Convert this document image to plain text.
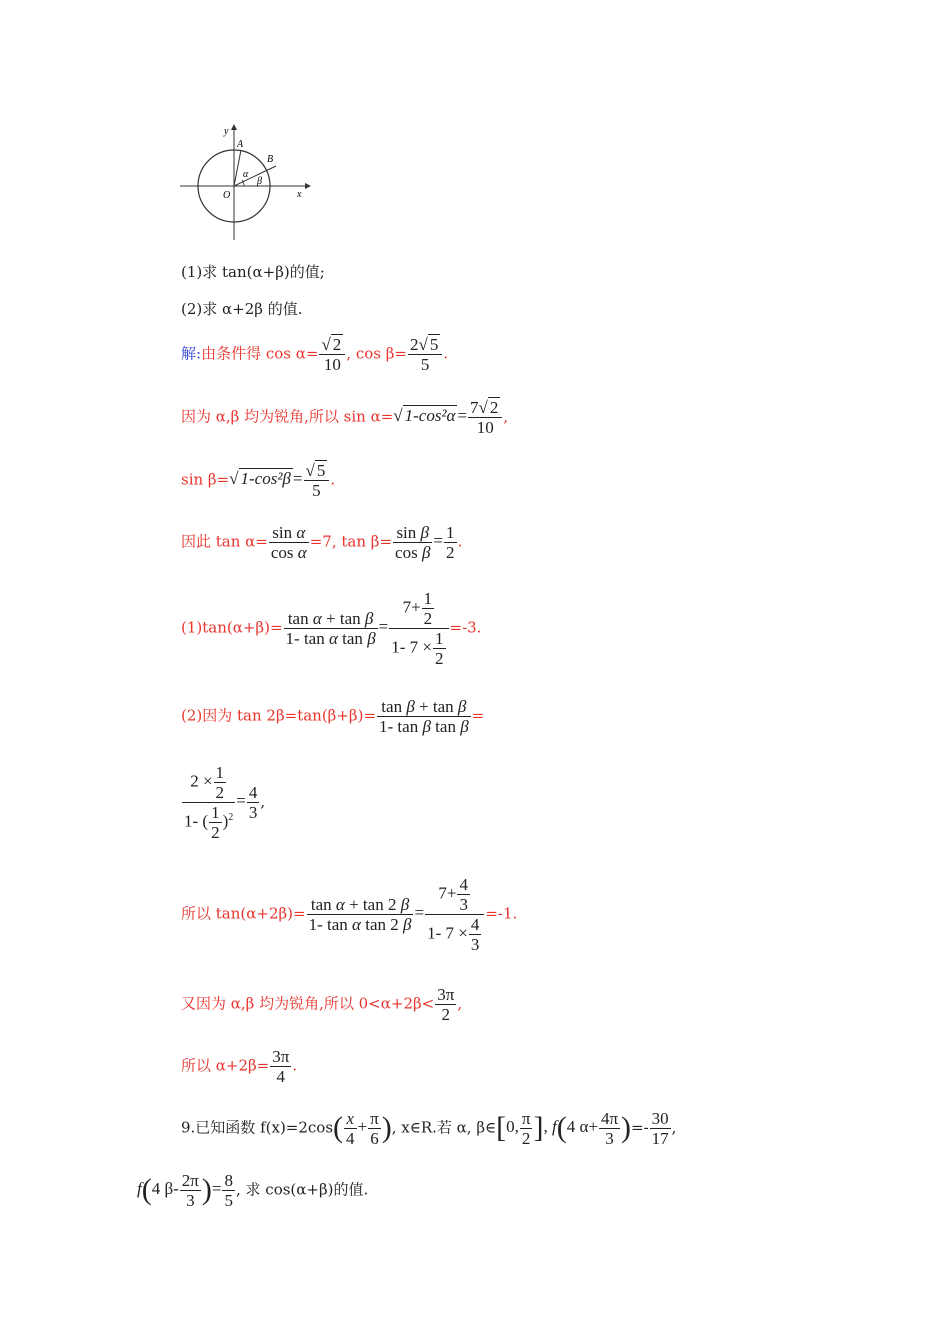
y
x
O
A
B
α
β
(1)求 tan(α+β)的值;
(2)求 α+2β 的值.
解:由条件得 $\cos \alpha= \frac{√ 2}{10}$ , $\cos \beta= \frac{2√ 5}{5}$ .
因为 α,β 均为锐角,所以 sin α=√ $1-\cos^2\alpha = \frac{7√ 2}{10}$ ,
sin β=√ $1-\cos^2\beta = \frac{√ 5}{5}$ .
因此 $\tan \alpha= \frac{\text{sin α}}{\text{cos α}} =7$, $\tan \beta= \frac{\text{sin β}}{\text{cos β}} = \frac{1}{2}$ .
$(1)\tan(\alpha+\beta)= \frac{\text{tan α + tan β}}{\text{1- tan α tan β}} = \frac{7+ \frac{1}{2}}{1- 7 \times \frac{1}{2}} =-3$.
(2)因为 $\tan 2\beta=\tan(\beta+\beta)= \frac{\text{tan β + tan β}}{\text{1- tan β tan β}}$ =
$\frac{2 \times \frac{1}{2}}{1- ( \frac{1}{2} )^2} = \frac{4}{3}$ ,
所以 $\tan(\alpha+2\beta)= \frac{\text{tan α + tan 2 β}}{\text{1- tan α tan 2 β}} = \frac{7+ \frac{4}{3}}{1- 7 \times \frac{4}{3}} =-1$.
又因为 α,β 均为锐角,所以 $0<\alpha+2\beta< \frac{3\pi}{2}$ ,
所以 $\alpha+2\beta= \frac{3\pi}{4}$ .
9.已知函数 $f(x)=2\cos( \frac{x}{4} + \frac{\pi}{6}$ ), x∈R.若 α, β∈[0, $\frac{\pi}{2}$ ], f(4 $\alpha+ \frac{4\pi}{3}$ )=- $\frac{30}{17}$ ,
f(4 $\beta- \frac{2\pi}{3}$ )= $\frac{8}{5}$ , 求 cos(α+β)的值.
